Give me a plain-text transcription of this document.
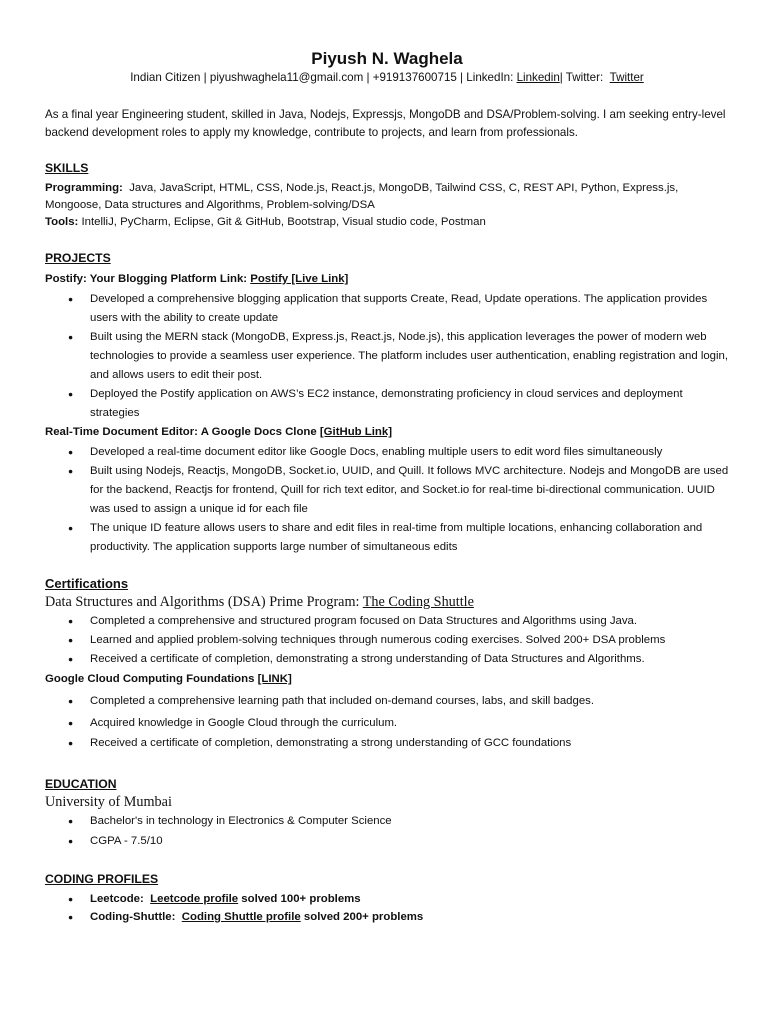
Piyush N. Waghela

Indian Citizen | piyushwaghela11@gmail.com | +919137600715 | LinkedIn: Linkedin| Twitter:  Twitter

As a final year Engineering student, skilled in Java, Nodejs, Expressjs, MongoDB and DSA/Problem-solving. I am seeking entry-level backend development roles to apply my knowledge, contribute to projects, and learn from professionals.
SKILLS
Programming: Java, JavaScript, HTML, CSS, Node.js, React.js, MongoDB, Tailwind CSS, C, REST API, Python, Express.js, Mongoose, Data structures and Algorithms, Problem-solving/DSA
Tools: IntelliJ, PyCharm, Eclipse, Git & GitHub, Bootstrap, Visual studio code, Postman
PROJECTS
Postify: Your Blogging Platform Link: Postify [Live Link]
● Developed a comprehensive blogging application that supports Create, Read, Update operations. The application provides users with the ability to create update
● Built using the MERN stack (MongoDB, Express.js, React.js, Node.js), this application leverages the power of modern web technologies to provide a seamless user experience. The platform includes user authentication, enabling registration and login, and allows users to edit their post.
● Deployed the Postify application on AWS’s EC2 instance, demonstrating proficiency in cloud services and deployment strategies
Real-Time Document Editor: A Google Docs Clone [GitHub Link]
● Developed a real-time document editor like Google Docs, enabling multiple users to edit word files simultaneously
● Built using Nodejs, Reactjs, MongoDB, Socket.io, UUID, and Quill. It follows MVC architecture. Nodejs and MongoDB are used for the backend, Reactjs for frontend, Quill for rich text editor, and Socket.io for real-time bi-directional communication. UUID was used to assign a unique id for each file
● The unique ID feature allows users to share and edit files in real-time from multiple locations, enhancing collaboration and productivity. The application supports large number of simultaneous edits
Certifications
Data Structures and Algorithms (DSA) Prime Program: The Coding Shuttle
● Completed a comprehensive and structured program focused on Data Structures and Algorithms using Java.
● Learned and applied problem-solving techniques through numerous coding exercises. Solved 200+ DSA problems
● Received a certificate of completion, demonstrating a strong understanding of Data Structures and Algorithms.
Google Cloud Computing Foundations [LINK]
● Completed a comprehensive learning path that included on-demand courses, labs, and skill badges.
● Acquired knowledge in Google Cloud through the curriculum.
● Received a certificate of completion, demonstrating a strong understanding of GCC foundations
EDUCATION
University of Mumbai
● Bachelor's in technology in Electronics & Computer Science
● CGPA - 7.5/10
CODING PROFILES
● Leetcode: Leetcode profile solved 100+ problems
● Coding-Shuttle: Coding Shuttle profile solved 200+ problems
